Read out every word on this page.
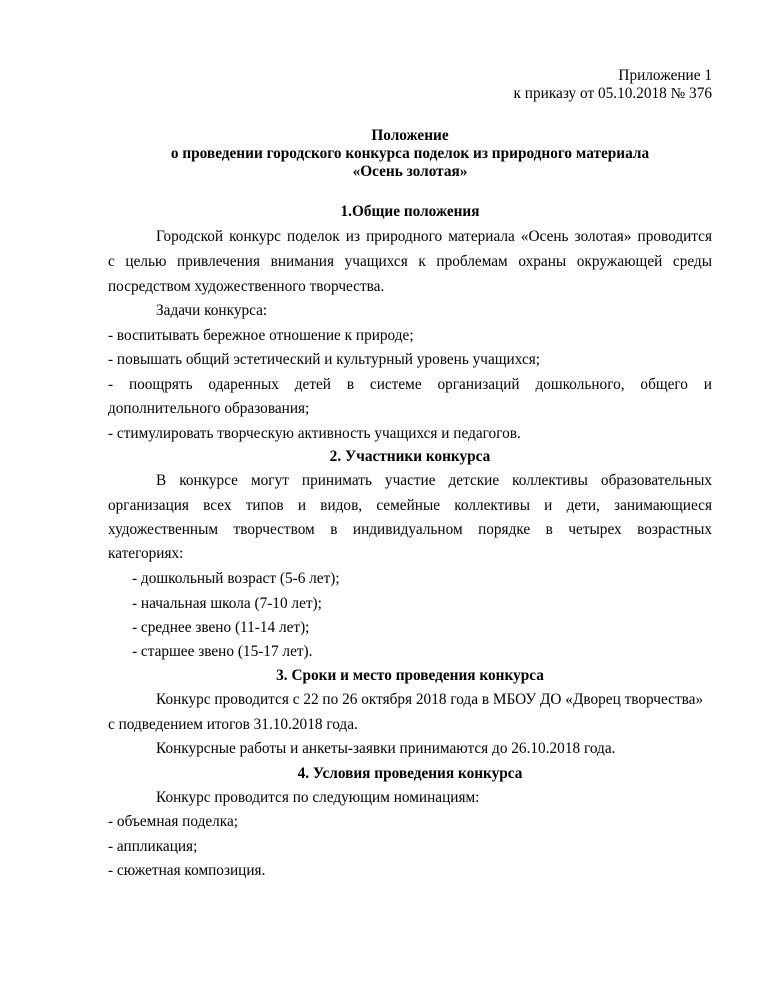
Приложение 1
к приказу от 05.10.2018 № 376
Положение
о проведении городского конкурса поделок из природного материала
«Осень золотая»
1.Общие положения
Городской конкурс поделок из природного материала «Осень золотая» проводится
с целью привлечения внимания учащихся к проблемам охраны окружающей среды
посредством художественного творчества.
Задачи конкурса:
- воспитывать бережное отношение к природе;
- повышать общий эстетический и культурный уровень учащихся;
- поощрять одаренных детей в системе организаций дошкольного, общего и
дополнительного образования;
- стимулировать творческую активность учащихся и педагогов.
2. Участники конкурса
В конкурсе могут принимать участие детские коллективы образовательных
организация всех типов и видов, семейные коллективы и дети, занимающиеся
художественным творчеством в индивидуальном порядке в четырех возрастных
категориях:
- дошкольный возраст (5-6 лет);
- начальная школа (7-10 лет);
- среднее звено (11-14 лет);
- старшее звено (15-17 лет).
3. Сроки и место проведения конкурса
Конкурс проводится с 22 по 26 октября 2018 года в МБОУ ДО «Дворец творчества»
с подведением итогов 31.10.2018 года.
Конкурсные работы и анкеты-заявки принимаются до 26.10.2018 года.
4. Условия проведения конкурса
Конкурс проводится по следующим номинациям:
- объемная поделка;
- аппликация;
- сюжетная композиция.
